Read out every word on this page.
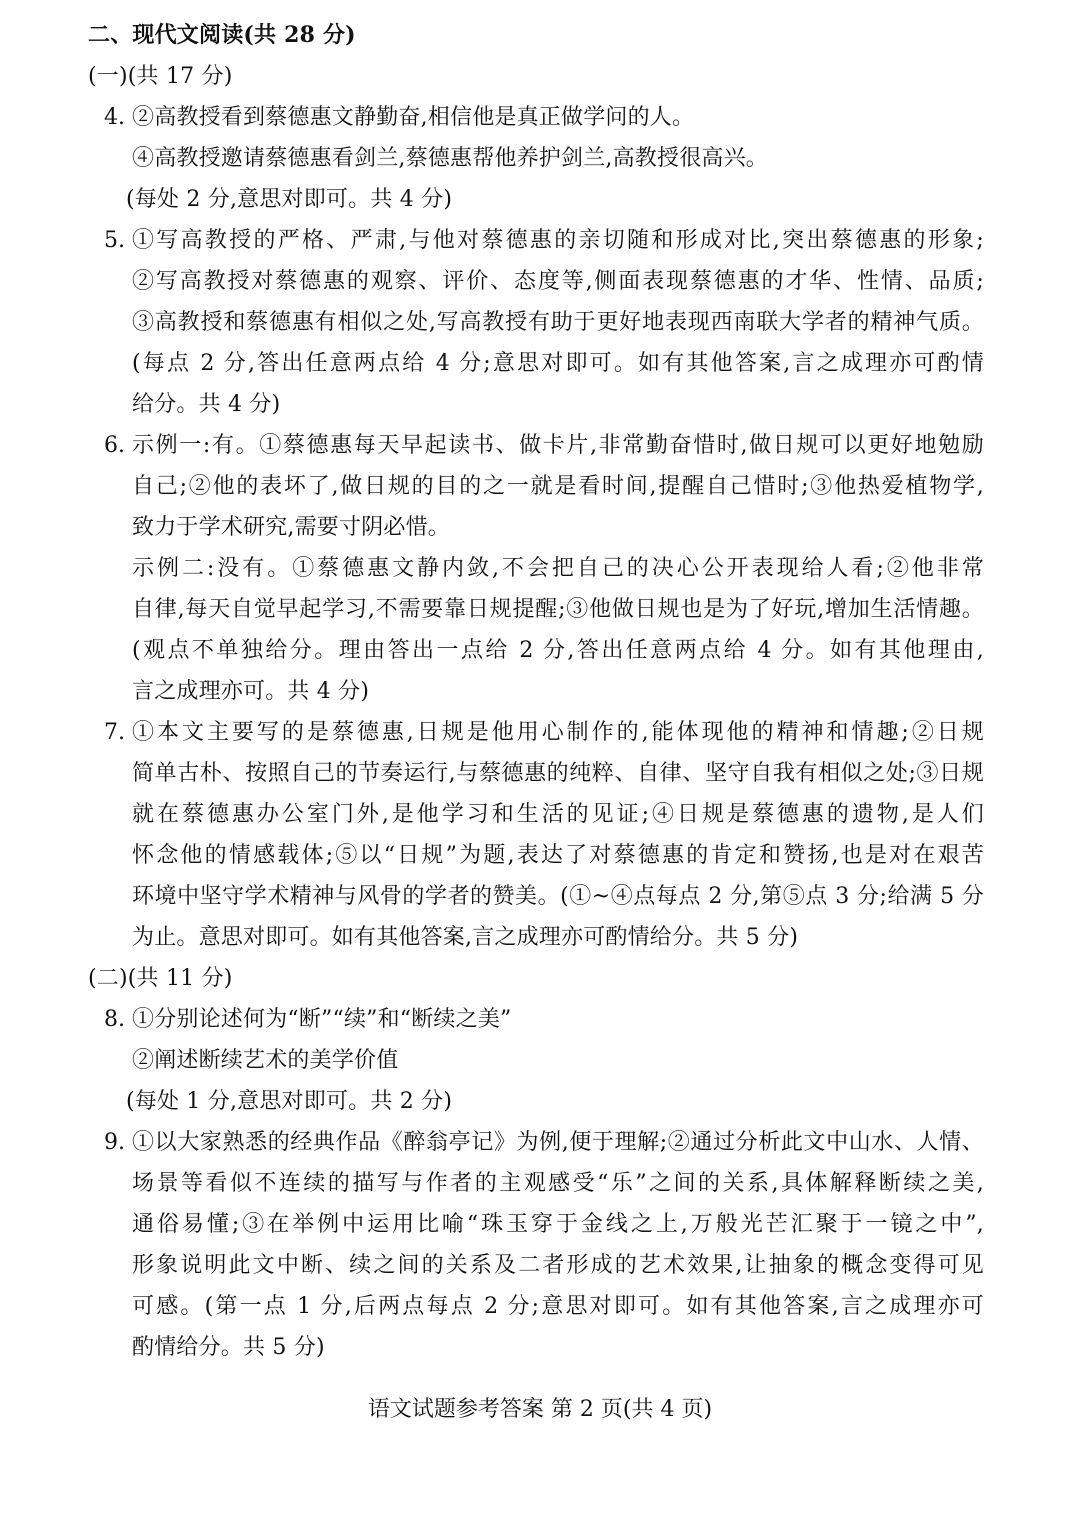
二、现代文阅读(共 28 分)
(一)(共 17 分)
4. ②高教授看到蔡德惠文静勤奋,相信他是真正做学问的人。
④高教授邀请蔡德惠看剑兰,蔡德惠帮他养护剑兰,高教授很高兴。
(每处 2 分,意思对即可。共 4 分)
5. ①写高教授的严格、严肃,与他对蔡德惠的亲切随和形成对比,突出蔡德惠的形象;
②写高教授对蔡德惠的观察、评价、态度等,侧面表现蔡德惠的才华、性情、品质;
③高教授和蔡德惠有相似之处,写高教授有助于更好地表现西南联大学者的精神气质。
(每点 2 分,答出任意两点给 4 分;意思对即可。如有其他答案,言之成理亦可酌情
给分。共 4 分)
6. 示例一:有。①蔡德惠每天早起读书、做卡片,非常勤奋惜时,做日规可以更好地勉励
自己;②他的表坏了,做日规的目的之一就是看时间,提醒自己惜时;③他热爱植物学,
致力于学术研究,需要寸阴必惜。
示例二:没有。①蔡德惠文静内敛,不会把自己的决心公开表现给人看;②他非常
自律,每天自觉早起学习,不需要靠日规提醒;③他做日规也是为了好玩,增加生活情趣。
(观点不单独给分。理由答出一点给 2 分,答出任意两点给 4 分。如有其他理由,
言之成理亦可。共 4 分)
7. ①本文主要写的是蔡德惠,日规是他用心制作的,能体现他的精神和情趣;②日规
简单古朴、按照自己的节奏运行,与蔡德惠的纯粹、自律、坚守自我有相似之处;③日规
就在蔡德惠办公室门外,是他学习和生活的见证;④日规是蔡德惠的遗物,是人们
怀念他的情感载体;⑤以“日规”为题,表达了对蔡德惠的肯定和赞扬,也是对在艰苦
环境中坚守学术精神与风骨的学者的赞美。(①~④点每点 2 分,第⑤点 3 分;给满 5 分
为止。意思对即可。如有其他答案,言之成理亦可酌情给分。共 5 分)
(二)(共 11 分)
8. ①分别论述何为“断”“续”和“断续之美”
②阐述断续艺术的美学价值
(每处 1 分,意思对即可。共 2 分)
9. ①以大家熟悉的经典作品《醉翁亭记》为例,便于理解;②通过分析此文中山水、人情、
场景等看似不连续的描写与作者的主观感受“乐”之间的关系,具体解释断续之美,
通俗易懂;③在举例中运用比喻“珠玉穿于金线之上,万般光芒汇聚于一镜之中”,
形象说明此文中断、续之间的关系及二者形成的艺术效果,让抽象的概念变得可见
可感。(第一点 1 分,后两点每点 2 分;意思对即可。如有其他答案,言之成理亦可
酌情给分。共 5 分)
语文试题参考答案 第 2 页(共 4 页)
